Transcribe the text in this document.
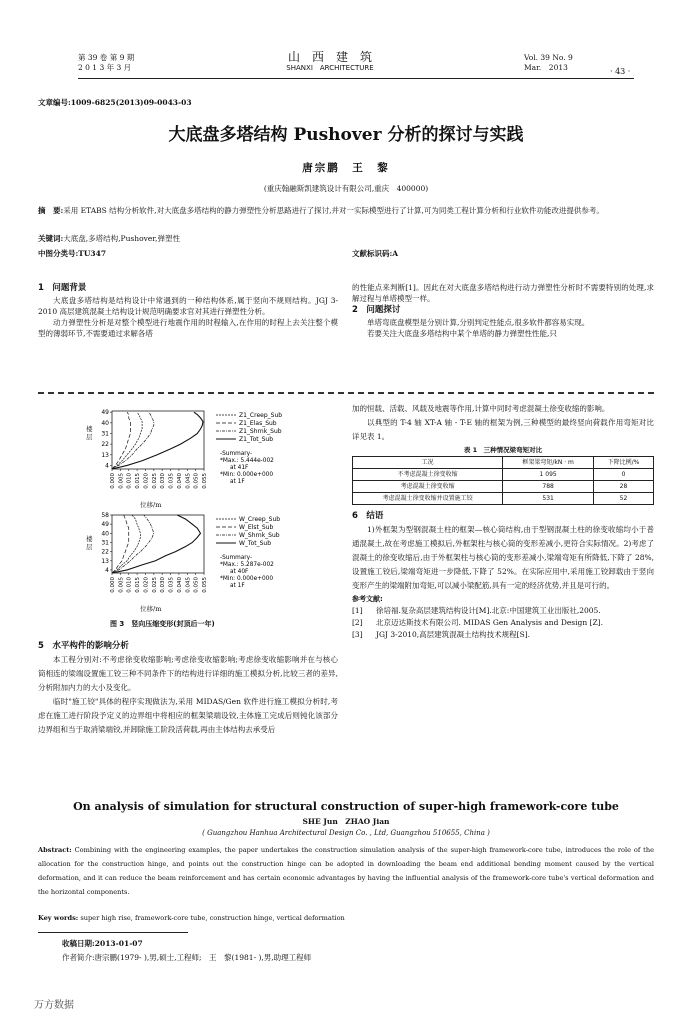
第 39 卷 第 9 期
2 0 1 3 年 3 月
山　西　建　筑
SHANXI　ARCHITECTURE
Vol. 39 No. 9
Mar.　2013	· 43 ·
文章编号:1009-6825(2013)09-0043-03
大底盘多塔结构 Pushover 分析的探讨与实践
唐宗鹏　王　黎
(重庆翰融斯凯建筑设计有限公司,重庆　400000)
摘　要:采用 ETABS 结构分析软件,对大底盘多塔结构的静力弹塑性分析思路进行了探讨,并对一实际模型进行了计算,可为同类工程计算分析和行业软件功能改进提供参考。
关键词:大底盘,多塔结构,Pushover,弹塑性
中图分类号:TU347	文献标识码:A
1　问题背景

大底盘多塔结构是结构设计中常遇到的一种结构体系,属于竖向不规则结构。JGJ 3-2010 高层建筑混凝土结构设计规范明确要求官对其进行弹塑性分析。

动力弹塑性分析是对整个模型进行地震作用的时程输入,在作用的时程上去关注整个模型的薄弱环节,不需要通过求解各塔

的性能点来判断[1]。因此在对大底盘多塔结构进行动力弹塑性分析时不需要特别的处理,求解过程与单塔模型一样。

2　问题探讨

单塔弯底盘模型是分别计算,分别判定性能点,很多软件都容易实现。

若要关注大底盘多塔结构中某个单塔的静力弹塑性性能,只

楼层
楼层
49
40
31
22
13
4
0.000 0.005 0.010 0.015 0.020 0.025 0.030 0.035 0.040 0.045 0.050 0.055
Z1_Creep_Sub
Z1_Elas_Sub
Z1_Shrnk_Sub
Z1_Tot_Sub
-Summary-
*Max.: 5.444e-002
at 41F
*Min: 0.000e+000
at 1F
位移/m
58
49
40
31
22
13
4
0.000 0.005 0.010 0.015 0.020 0.025 0.030 0.035 0.040 0.045 0.050 0.055
W_Creep_Sub
W_Elst_Sub
W_Shrnk_Sub
W_Tot_Sub
-Summary-
*Max.: 5.287e-002
at 40F
*Min: 0.000e+000
at 1F
位移/m
图 3　竖向压缩变形(封顶后一年)
5　水平构件的影响分析

本工程分别对:不考虑徐变收缩影响;考虑徐变收缩影响;考虑徐变收缩影响并在与核心筒相连的梁端设置施工铰三种不同条件下的结构进行详细的施工模拟分析,比较三者的差异,分析附加内力的大小及变化。

临时"施工铰"具体的程序实现做法为,采用 MIDAS/Gen 软件进行施工模拟分析时,考虑在施工进行阶段予定义的边界组中将相应的框架梁端设铰,主体施工完成后则钝化该部分边界组和当于取消梁端铰,并卸除施工阶段活荷载,再由主体结构去承受后

加的恒载、活载、风载及地震等作用,计算中同时考虑混凝土徐变收缩的影响。

以典型的 T-4 轴 XT-A 轴 - T-E 轴的框架为例,三种模型的最终竖向荷载作用弯矩对比详见表 1。

表 1　三种情况梁弯矩对比
工况	框架梁弯矩/kN · m	下降比例/%
不考虑混凝土徐变收缩	1 095	0
考虑混凝土徐变收缩	788	28
考虑混凝土徐变收缩并设置施工铰	531	52
6　结语

1)外框架为型钢混凝土柱的框架—核心筒结构,由于型钢混凝土柱的徐变收缩均小于普通混凝土,故在考虑施工模拟后,外框架柱与核心筒的变形差减小,更符合实际情况。2)考虑了混凝土的徐变收缩后,由于外框架柱与核心筒的变形差减小,梁端弯矩有所降低,下降了 28%,设置施工铰后,梁端弯矩进一步降低,下降了 52%。在实际应用中,采用施工铰卸载由于竖向变形产生的梁端附加弯矩,可以减小梁配筋,具有一定的经济优势,并且是可行的。

参考文献:
[1]	徐培福.复杂高层建筑结构设计[M].北京:中国建筑工业出版社,2005.
[2]	北京迈达斯技术有限公司. MIDAS Gen Analysis and Design [Z].
[3]	JGJ 3-2010,高层建筑混凝土结构技术规程[S].
On analysis of simulation for structural construction of super-high framework-core tube
SHE Jun　ZHAO Jian
( Guangzhou Hanhua Architectural Design Co. , Ltd, Guangzhou 510655, China )
Abstract: Combining with the engineering examples, the paper undertakes the construction simulation analysis of the super-high framework-core tube, introduces the role of the allocation for the construction hinge, and points out the construction hinge can be adopted in downloading the beam end additional bending moment caused by the vertical deformation, and it can reduce the beam reinforcement and has certain economic advantages by having the influential analysis of the framework-core tube's vertical deformation and the horizontal components.
Key words: super high rise, framework-core tube, construction hinge, vertical deformation
收稿日期:2013-01-07
作者简介:唐宗鹏(1979- ),男,硕士,工程师;　王　黎(1981- ),男,助理工程师
万方数据
